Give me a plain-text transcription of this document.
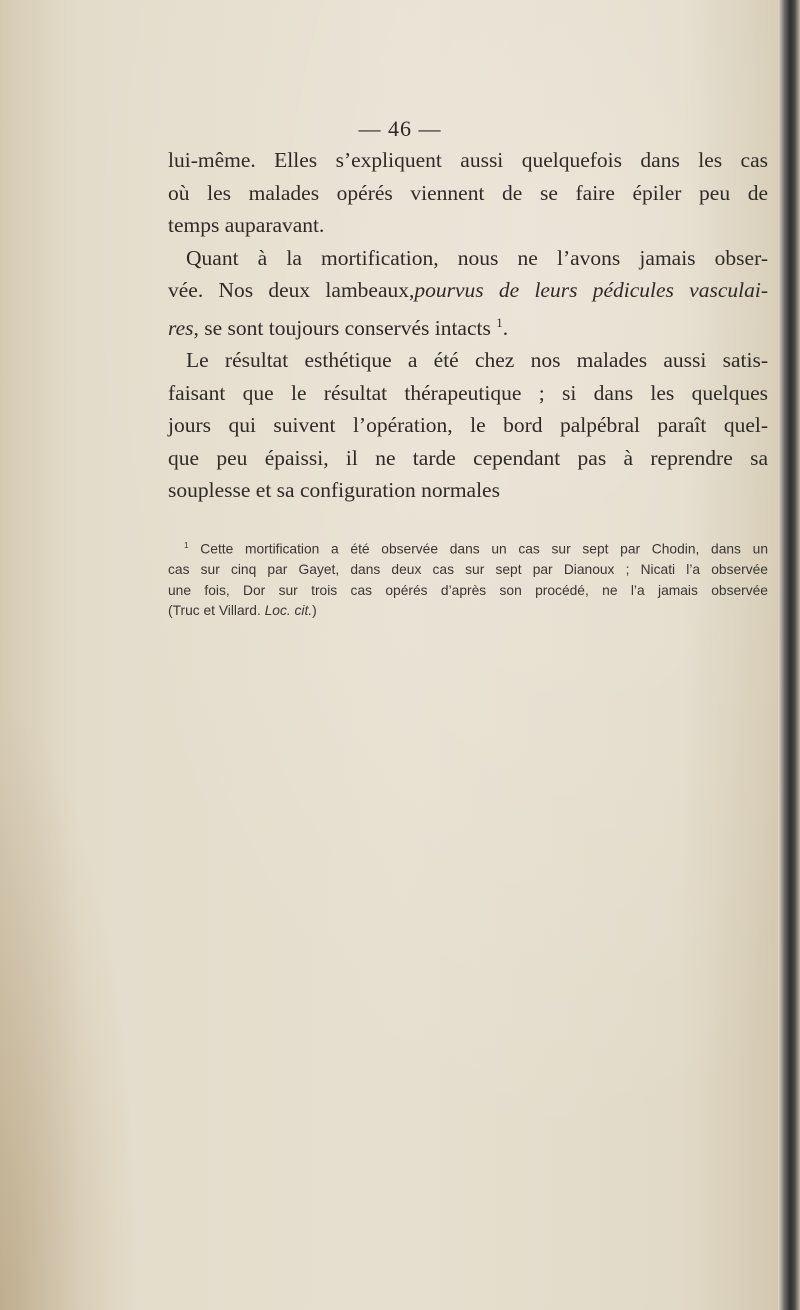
— 46 —
lui-même. Elles s’expliquent aussi quelquefois dans les cas
où les malades opérés viennent de se faire épiler peu de
temps auparavant.
Quant à la mortification, nous ne l’avons jamais obser-
vée. Nos deux lambeaux,pourvus de leurs pédicules vasculai-
res, se sont toujours conservés intacts $^1$.
Le résultat esthétique a été chez nos malades aussi satis-
faisant que le résultat thérapeutique ; si dans les quelques
jours qui suivent l’opération, le bord palpébral paraît quel-
que peu épaissi, il ne tarde cependant pas à reprendre sa
souplesse et sa configuration normales
$^1$ Cette mortification a été observée dans un cas sur sept par Chodin, dans un
cas sur cinq par Gayet, dans deux cas sur sept par Dianoux ; Nicati l’a observée
une fois, Dor sur trois cas opérés d’après son procédé, ne l’a jamais observée
(Truc et Villard. Loc. cit.)
